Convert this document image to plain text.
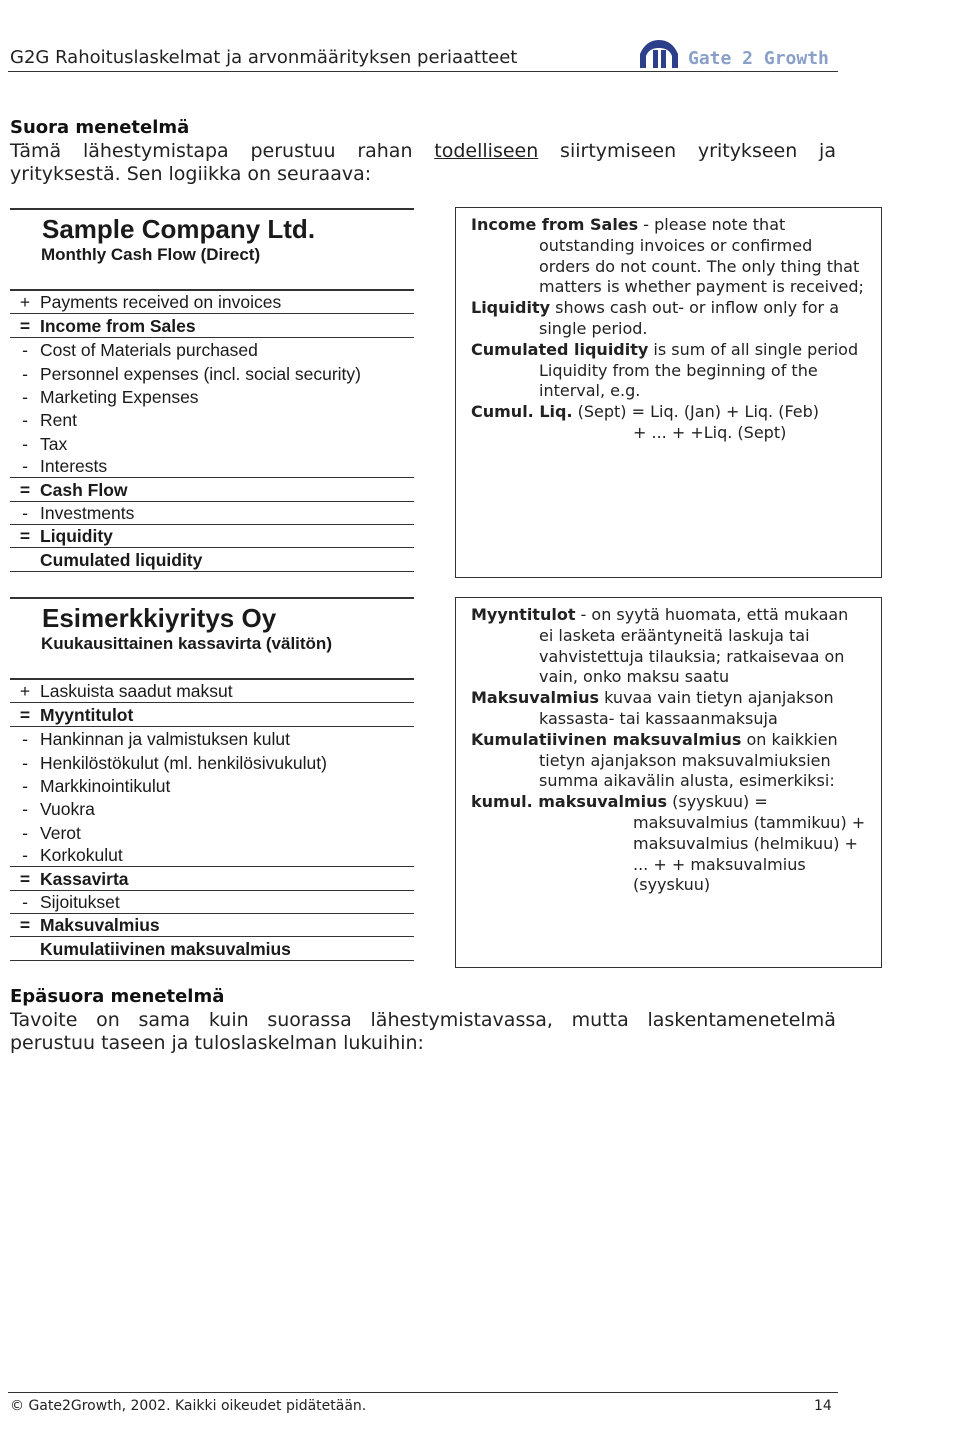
G2G Rahoituslaskelmat ja arvonmäärityksen periaatteet	Gate 2 Growth
Suora menetelmä
Tämä lähestymistapa perustuu rahan todelliseen siirtymiseen yritykseen ja
yrityksestä. Sen logiikka on seuraava:
Sample Company Ltd.
Monthly Cash Flow (Direct)
+ Payments received on invoices
= Income from Sales
- Cost of Materials purchased
- Personnel expenses (incl. social security)
- Marketing Expenses
- Rent
- Tax
- Interests
= Cash Flow
- Investments
= Liquidity
Cumulated liquidity

Income from Sales - please note that outstanding invoices or confirmed orders do not count. The only thing that matters is whether payment is received;

Liquidity shows cash out- or inflow only for a single period.

Cumulated liquidity is sum of all single period Liquidity from the beginning of the interval, e.g.

Cumul. Liq. (Sept) = Liq. (Jan) + Liq. (Feb)

+ ... + +Liq. (Sept)

Esimerkkiyritys Oy
Kuukausittainen kassavirta (välitön)
+ Laskuista saadut maksut
= Myyntitulot
- Hankinnan ja valmistuksen kulut
- Henkilöstökulut (ml. henkilösivukulut)
- Markkinointikulut
- Vuokra
- Verot
- Korkokulut
= Kassavirta
- Sijoitukset
= Maksuvalmius
Kumulatiivinen maksuvalmius

Myyntitulot - on syytä huomata, että mukaan ei lasketa erääntyneitä laskuja tai vahvistettuja tilauksia; ratkaisevaa on vain, onko maksu saatu

Maksuvalmius kuvaa vain tietyn ajanjakson kassasta- tai kassaanmaksuja

Kumulatiivinen maksuvalmius on kaikkien tietyn ajanjakson maksuvalmiuksien summa aikavälin alusta, esimerkiksi:

kumul. maksuvalmius (syyskuu) =

maksuvalmius (tammikuu) + maksuvalmius (helmikuu) + ... + + maksuvalmius (syyskuu)

Epäsuora menetelmä
Tavoite on sama kuin suorassa lähestymistavassa, mutta laskentamenetelmä
perustuu taseen ja tuloslaskelman lukuihin:
© Gate2Growth, 2002. Kaikki oikeudet pidätetään.	14
